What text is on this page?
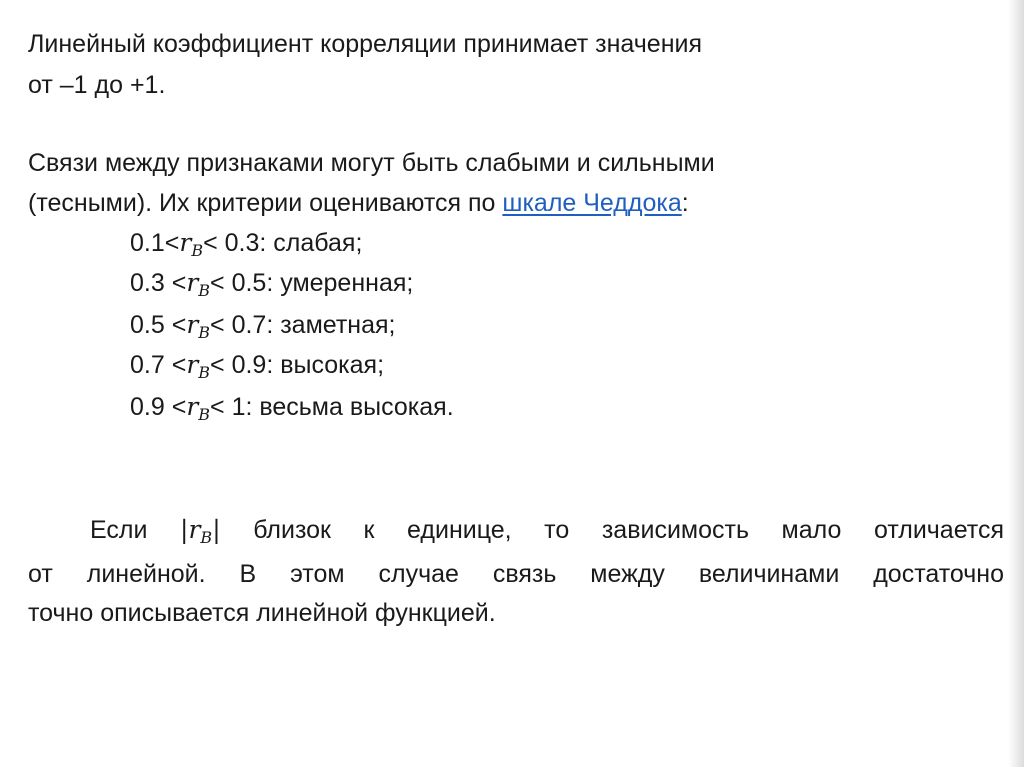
Линейный коэффициент корреляции принимает значения
от –1 до +1.
Связи между признаками могут быть слабыми и сильными
(тесными). Их критерии оцениваются по шкале Чеддока:
$0.1<r_B< 0.3$: слабая;
$0.3 <r_B< 0.5$: умеренная;
$0.5 <r_B< 0.7$: заметная;
$0.7 <r_B< 0.9$: высокая;
$0.9 <r_B< 1$: весьма высокая.
Если $|r_B|$ близок к единице, то зависимость мало отличается
от линейной. В этом случае связь между величинами достаточно
точно описывается линейной функцией.
